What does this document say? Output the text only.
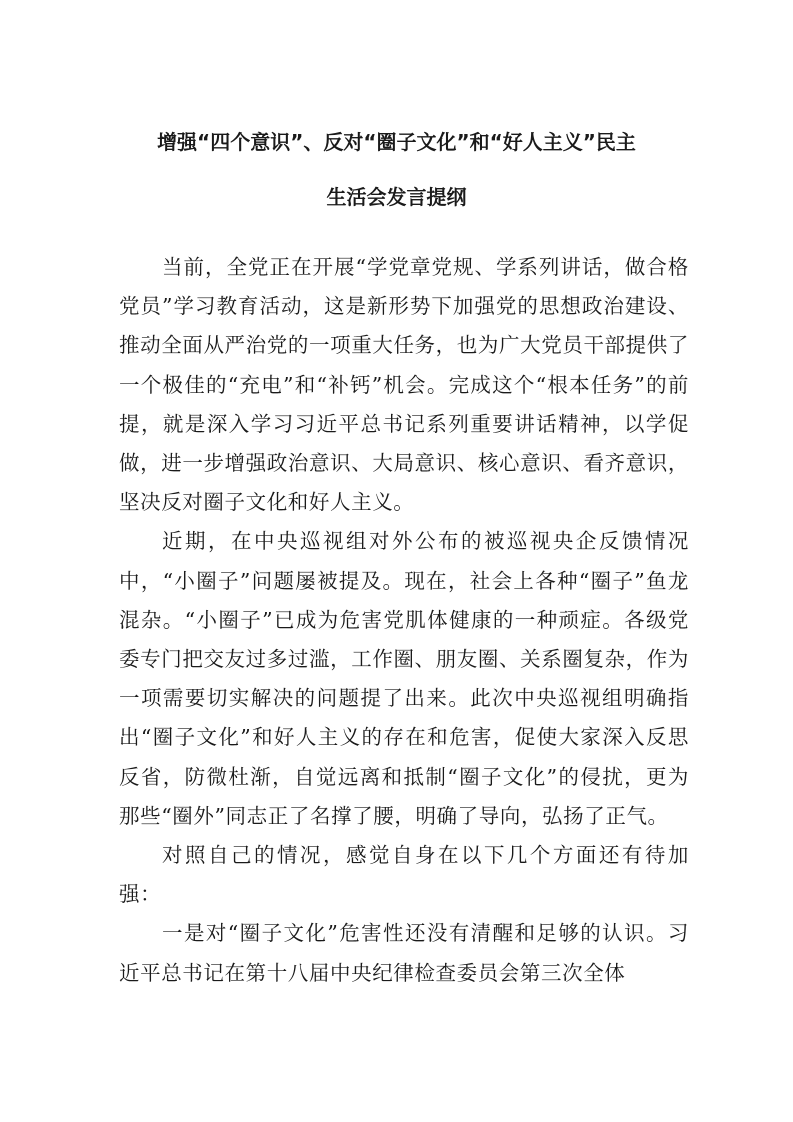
增强“四个意识”、反对“圈子文化”和“好人主义”民主
生活会发言提纲

当前，全党正在开展“学党章党规、学系列讲话，做合格党员”学习教育活动，这是新形势下加强党的思想政治建设、推动全面从严治党的一项重大任务，也为广大党员干部提供了一个极佳的“充电”和“补钙”机会。完成这个“根本任务”的前提，就是深入学习习近平总书记系列重要讲话精神，以学促做，进一步增强政治意识、大局意识、核心意识、看齐意识，坚决反对圈子文化和好人主义。

近期，在中央巡视组对外公布的被巡视央企反馈情况中，“小圈子”问题屡被提及。现在，社会上各种“圈子”鱼龙混杂。“小圈子”已成为危害党肌体健康的一种顽症。各级党委专门把交友过多过滥，工作圈、朋友圈、关系圈复杂，作为一项需要切实解决的问题提了出来。此次中央巡视组明确指出“圈子文化”和好人主义的存在和危害，促使大家深入反思反省，防微杜渐，自觉远离和抵制“圈子文化”的侵扰，更为那些“圈外”同志正了名撑了腰，明确了导向，弘扬了正气。

对照自己的情况，感觉自身在以下几个方面还有待加强：

一是对“圈子文化”危害性还没有清醒和足够的认识。习近平总书记在第十八届中央纪律检查委员会第三次全体
